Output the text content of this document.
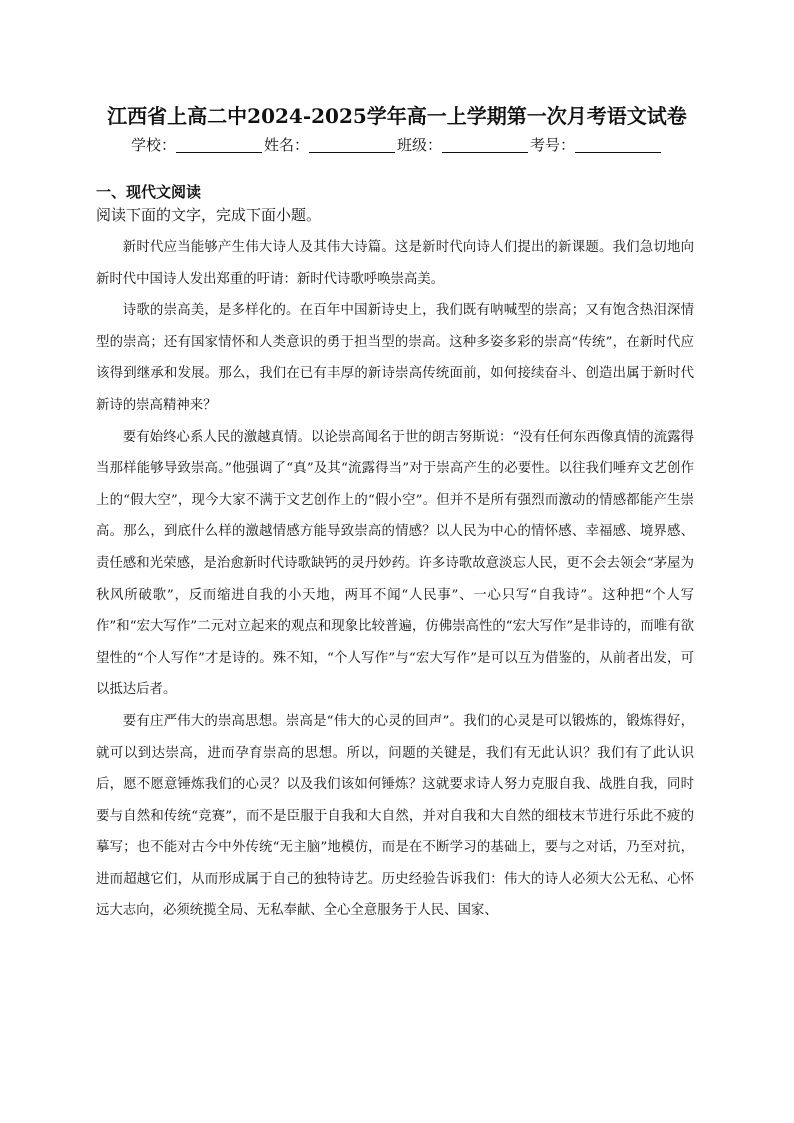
江西省上高二中2024-2025学年高一上学期第一次月考语文试卷
学校：	姓名：	班级：	考号：
一、现代文阅读
阅读下面的文字，完成下面小题。

新时代应当能够产生伟大诗人及其伟大诗篇。这是新时代向诗人们提出的新课题。我们急切地向新时代中国诗人发出郑重的吁请：新时代诗歌呼唤崇高美。

诗歌的崇高美，是多样化的。在百年中国新诗史上，我们既有呐喊型的崇高；又有饱含热泪深情型的崇高；还有国家情怀和人类意识的勇于担当型的崇高。这种多姿多彩的崇高“传统”，在新时代应该得到继承和发展。那么，我们在已有丰厚的新诗崇高传统面前，如何接续奋斗、创造出属于新时代新诗的崇高精神来？

要有始终心系人民的激越真情。以论崇高闻名于世的朗吉努斯说：“没有任何东西像真情的流露得当那样能够导致崇高。”他强调了“真”及其“流露得当”对于崇高产生的必要性。以往我们唾弃文艺创作上的“假大空”，现今大家不满于文艺创作上的“假小空”。但并不是所有强烈而激动的情感都能产生崇高。那么，到底什么样的激越情感方能导致崇高的情感？以人民为中心的情怀感、幸福感、境界感、责任感和光荣感，是治愈新时代诗歌缺钙的灵丹妙药。许多诗歌故意淡忘人民，更不会去领会“茅屋为秋风所破歌”，反而缩进自我的小天地，两耳不闻“人民事”、一心只写“自我诗”。这种把“个人写作”和“宏大写作”二元对立起来的观点和现象比较普遍，仿佛崇高性的“宏大写作”是非诗的，而唯有欲望性的“个人写作”才是诗的。殊不知，“个人写作”与“宏大写作”是可以互为借鉴的，从前者出发，可以抵达后者。

要有庄严伟大的崇高思想。崇高是“伟大的心灵的回声”。我们的心灵是可以锻炼的，锻炼得好，就可以到达崇高，进而孕育崇高的思想。所以，问题的关键是，我们有无此认识？我们有了此认识后，愿不愿意锤炼我们的心灵？以及我们该如何锤炼？这就要求诗人努力克服自我、战胜自我，同时要与自然和传统“竞赛”，而不是臣服于自我和大自然，并对自我和大自然的细枝末节进行乐此不疲的摹写；也不能对古今中外传统“无主脑”地模仿，而是在不断学习的基础上，要与之对话，乃至对抗，进而超越它们，从而形成属于自己的独特诗艺。历史经验告诉我们：伟大的诗人必须大公无私、心怀远大志向，必须统揽全局、无私奉献、全心全意服务于人民、国家、
